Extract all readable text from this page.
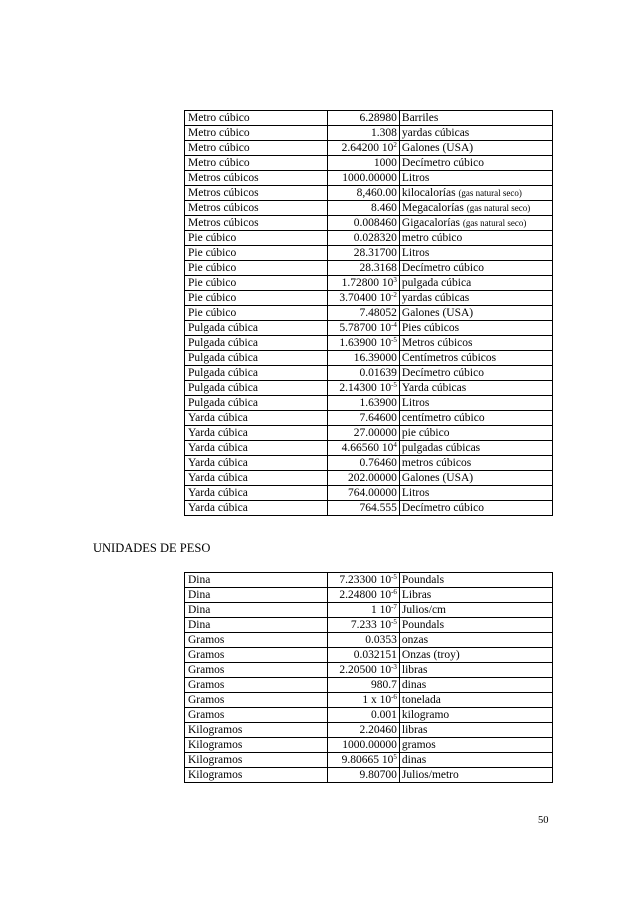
Metro cúbico	6.28980	Barriles
Metro cúbico	1.308	yardas cúbicas
Metro cúbico	2.64200 $10^2$	Galones (USA)
Metro cúbico	1000	Decímetro cúbico
Metros cúbicos	1000.00000	Litros
Metros cúbicos	8,460.00	kilocalorías (gas natural seco)
Metros cúbicos	8.460	Megacalorías (gas natural seco)
Metros cúbicos	0.008460	Gigacalorías (gas natural seco)
Pie cúbico	0.028320	metro cúbico
Pie cúbico	28.31700	Litros
Pie cúbico	28.3168	Decímetro cúbico
Pie cúbico	1.72800 $10^3$	pulgada cúbica
Pie cúbico	3.70400 $10^{-2}$	yardas cúbicas
Pie cúbico	7.48052	Galones (USA)
Pulgada cúbica	5.78700 $10^{-4}$	Pies cúbicos
Pulgada cúbica	1.63900 $10^{-5}$	Metros cúbicos
Pulgada cúbica	16.39000	Centímetros cúbicos
Pulgada cúbica	0.01639	Decímetro cúbico
Pulgada cúbica	2.14300 $10^{-5}$	Yarda cúbicas
Pulgada cúbica	1.63900	Litros
Yarda cúbica	7.64600	centímetro cúbico
Yarda cúbica	27.00000	pie cúbico
Yarda cúbica	4.66560 $10^4$	pulgadas cúbicas
Yarda cúbica	0.76460	metros cúbicos
Yarda cúbica	202.00000	Galones (USA)
Yarda cúbica	764.00000	Litros
Yarda cúbica	764.555	Decímetro cúbico
UNIDADES DE PESO
Dina	7.23300 $10^{-5}$	Poundals
Dina	2.24800 $10^{-6}$	Libras
Dina	1 $10^{-7}$	Julios/cm
Dina	7.233 $10^{-5}$	Poundals
Gramos	0.0353	onzas
Gramos	0.032151	Onzas (troy)
Gramos	2.20500 $10^{-3}$	libras
Gramos	980.7	dinas
Gramos	1 x $10^{-6}$	tonelada
Gramos	0.001	kilogramo
Kilogramos	2.20460	libras
Kilogramos	1000.00000	gramos
Kilogramos	9.80665 $10^5$	dinas
Kilogramos	9.80700	Julios/metro
50
